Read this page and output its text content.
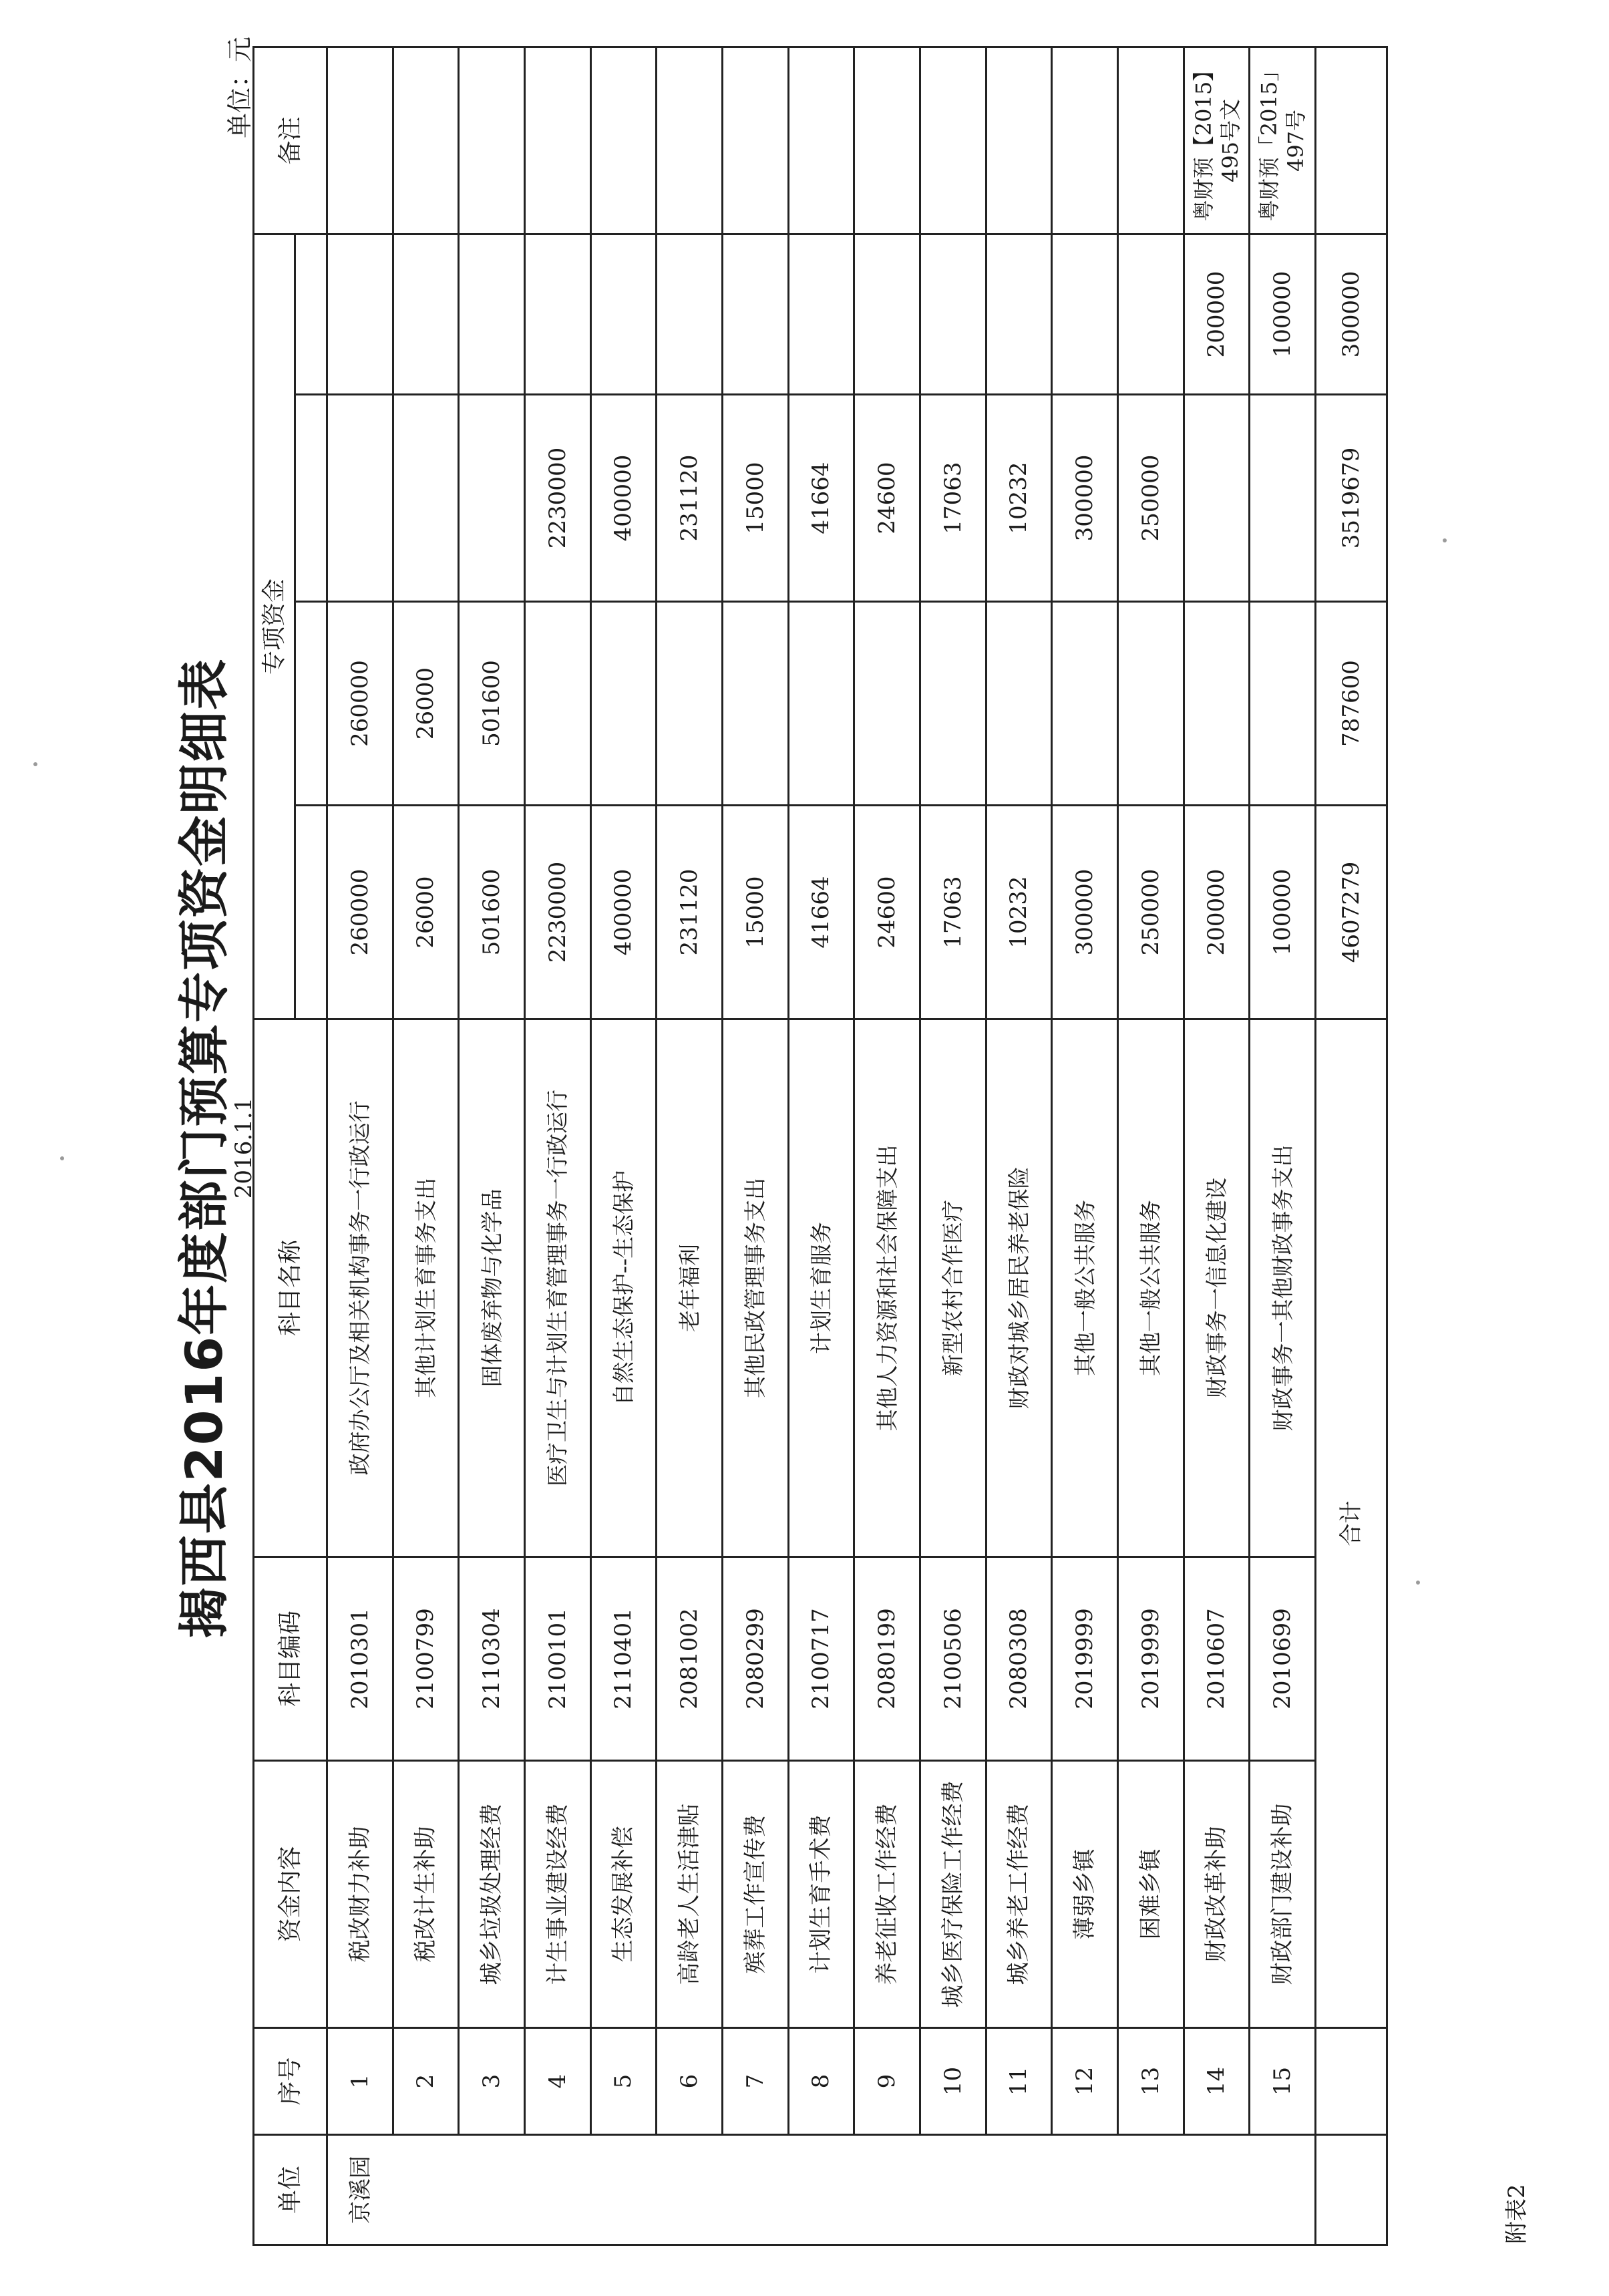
附表2
揭西县2016年度部门预算专项资金明细表
2016.1.1
单位：元
单位	序号	资金内容	科目编码	科目名称	专项资金				备注

京溪园	1	税改财力补助	2010301	政府办公厅及相关机构事务一行政运行	260000	260000			
	2	税改计生补助	2100799	其他计划生育事务支出	26000	26000			
	3	城乡垃圾处理经费	2110304	固体废弃物与化学品	501600	501600			
	4	计生事业建设经费	2100101	医疗卫生与计划生育管理事务一行政运行	2230000		2230000		
	5	生态发展补偿	2110401	自然生态保护--生态保护	400000		400000		
	6	高龄老人生活津贴	2081002	老年福利	231120		231120		
	7	殡葬工作宣传费	2080299	其他民政管理事务支出	15000		15000		
	8	计划生育手术费	2100717	计划生育服务	41664		41664		
	9	养老征收工作经费	2080199	其他人力资源和社会保障支出	24600		24600		
	10	城乡医疗保险工作经费	2100506	新型农村合作医疗	17063		17063		
	11	城乡养老工作经费	2080308	财政对城乡居民养老保险	10232		10232		
	12	薄弱乡镇	2019999	其他一般公共服务	300000		300000		
	13	困难乡镇	2019999	其他一般公共服务	250000		250000		
	14	财政改革补助	2010607	财政事务一信息化建设	200000			200000	粤财预【2015】495号文
	15	财政部门建设补助	2010699	财政事务一其他财政事务支出	100000			100000	粤财预「2015」497号
		合计			4607279	787600	3519679	300000	
